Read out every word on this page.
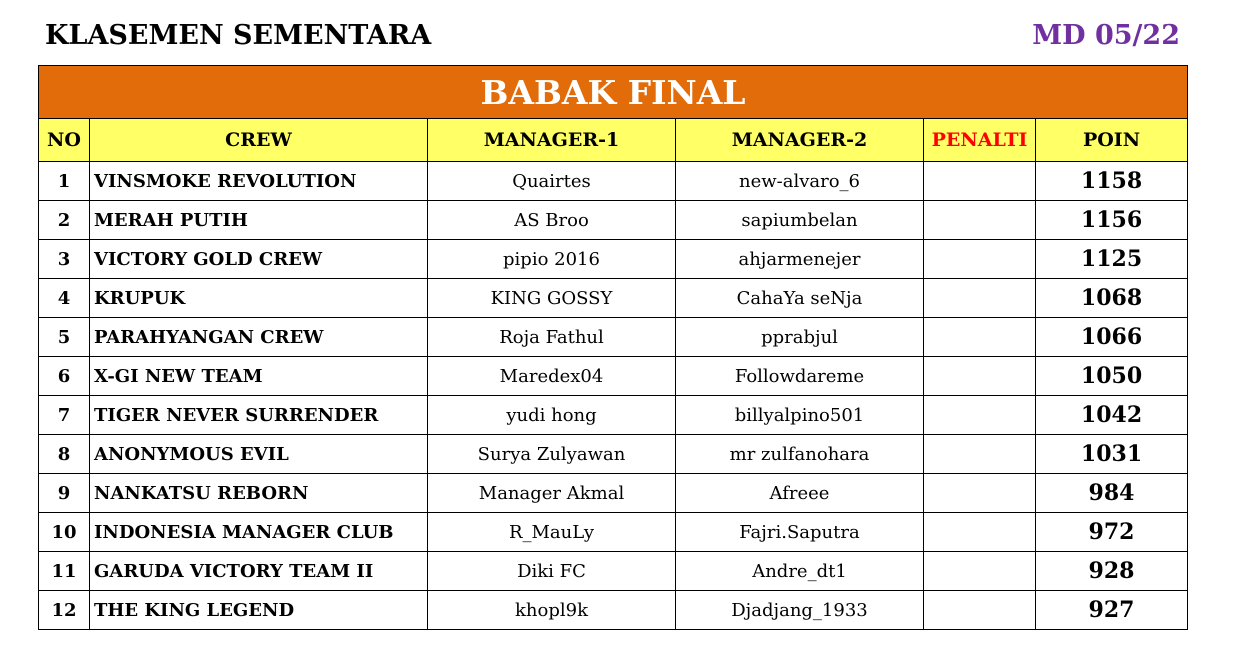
KLASEMEN SEMENTARA	MD 05/22
BABAK FINAL					
NO	CREW	MANAGER-1	MANAGER-2	PENALTI	POIN
1	VINSMOKE REVOLUTION	Quairtes	new-alvaro_6		1158
2	MERAH PUTIH	AS Broo	sapiumbelan		1156
3	VICTORY GOLD CREW	pipio 2016	ahjarmenejer		1125
4	KRUPUK	KING GOSSY	CahaYa seNja		1068
5	PARAHYANGAN CREW	Roja Fathul	pprabjul		1066
6	X-GI NEW TEAM	Maredex04	Followdareme		1050
7	TIGER NEVER SURRENDER	yudi hong	billyalpino501		1042
8	ANONYMOUS EVIL	Surya Zulyawan	mr zulfanohara		1031
9	NANKATSU REBORN	Manager Akmal	Afreee		984
10	INDONESIA MANAGER CLUB	R_MauLy	Fajri.Saputra		972
11	GARUDA VICTORY TEAM II	Diki FC	Andre_dt1		928
12	THE KING LEGEND	khopl9k	Djadjang_1933		927
